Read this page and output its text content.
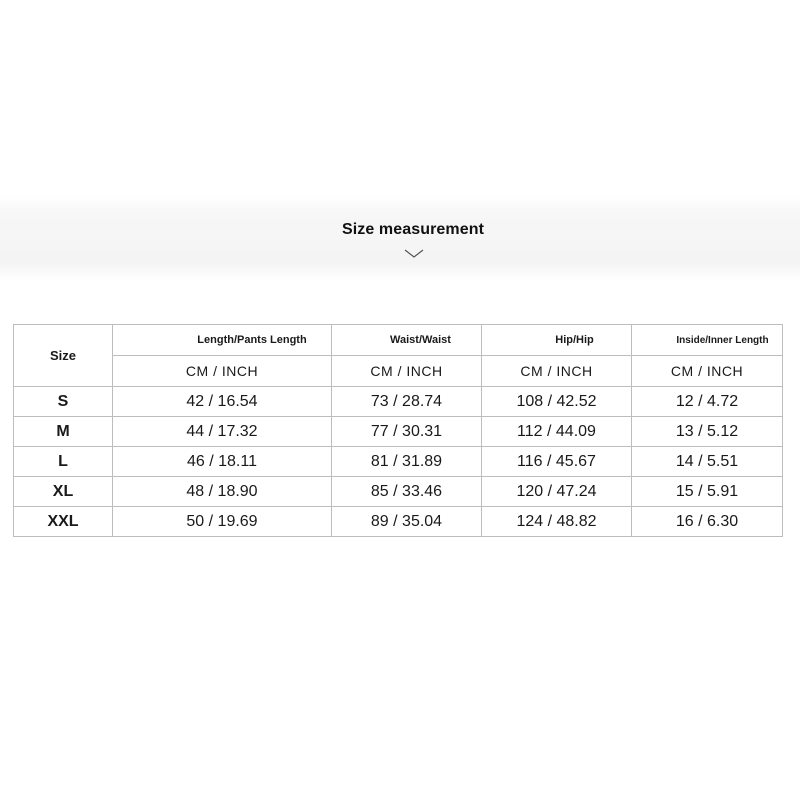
Size measurement
Size	Length/Pants Length	Waist/Waist	Hip/Hip	Inside/Inner Length
	CM / INCH	CM / INCH	CM / INCH	CM / INCH
S	42 / 16.54	73 / 28.74	108 / 42.52	12 / 4.72
M	44 / 17.32	77 / 30.31	112 / 44.09	13 / 5.12
L	46 / 18.11	81 / 31.89	116 / 45.67	14 / 5.51
XL	48 / 18.90	85 / 33.46	120 / 47.24	15 / 5.91
XXL	50 / 19.69	89 / 35.04	124 / 48.82	16 / 6.30
